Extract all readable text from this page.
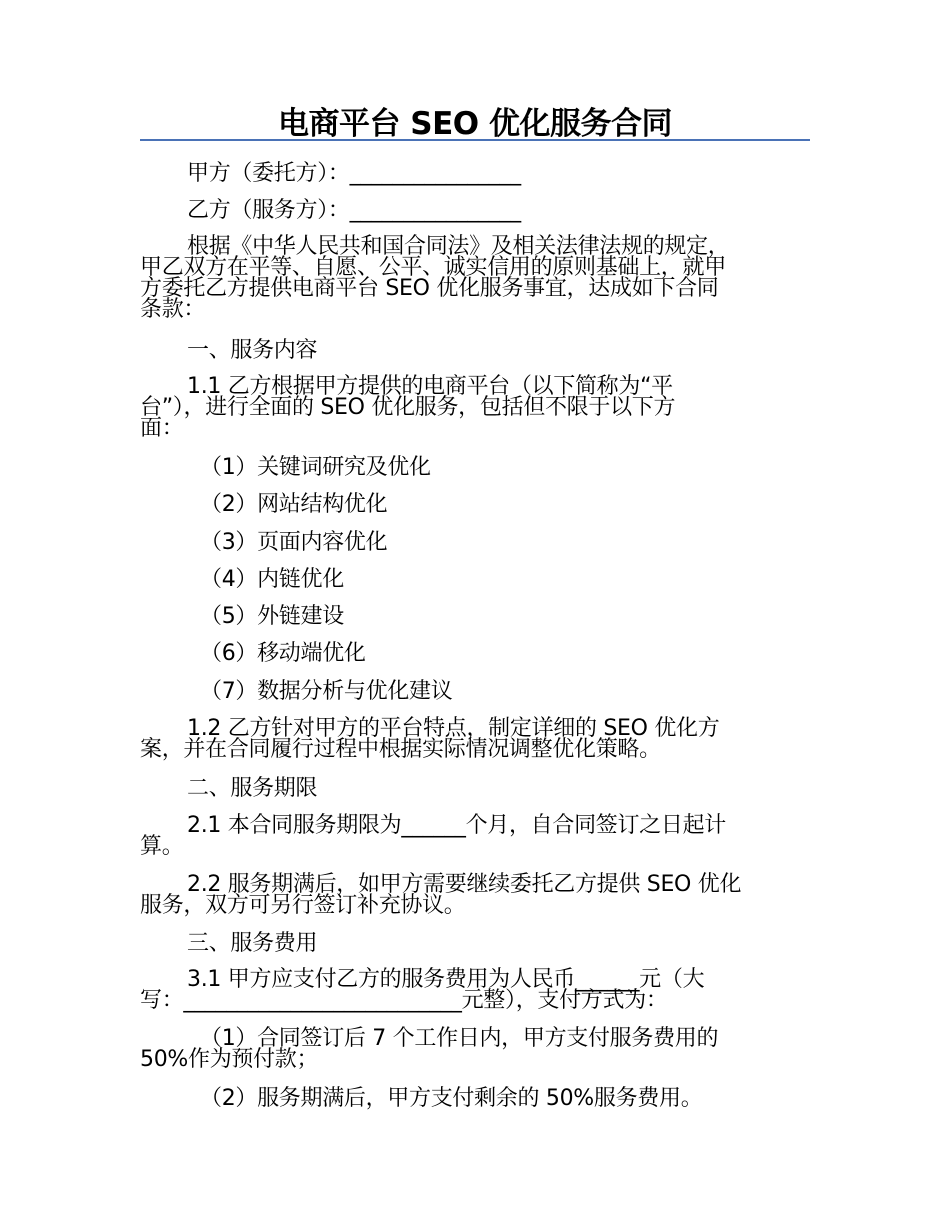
电商平台 SEO 优化服务合同
甲方（委托方）：________________
乙方（服务方）：________________
根据《中华人民共和国合同法》及相关法律法规的规定，
甲乙双方在平等、自愿、公平、诚实信用的原则基础上，就甲
方委托乙方提供电商平台 SEO 优化服务事宜，达成如下合同
条款：
一、服务内容
1.1 乙方根据甲方提供的电商平台（以下简称为“平
台”），进行全面的 SEO 优化服务，包括但不限于以下方
面：
（1）关键词研究及优化
（2）网站结构优化
（3）页面内容优化
（4）内链优化
（5）外链建设
（6）移动端优化
（7）数据分析与优化建议
1.2 乙方针对甲方的平台特点，制定详细的 SEO 优化方
案，并在合同履行过程中根据实际情况调整优化策略。
二、服务期限
2.1 本合同服务期限为______个月，自合同签订之日起计
算。
2.2 服务期满后，如甲方需要继续委托乙方提供 SEO 优化
服务，双方可另行签订补充协议。
三、服务费用
3.1 甲方应支付乙方的服务费用为人民币______元（大
写：__________________________元整），支付方式为：
（1）合同签订后 7 个工作日内，甲方支付服务费用的
50%作为预付款；
（2）服务期满后，甲方支付剩余的 50%服务费用。
